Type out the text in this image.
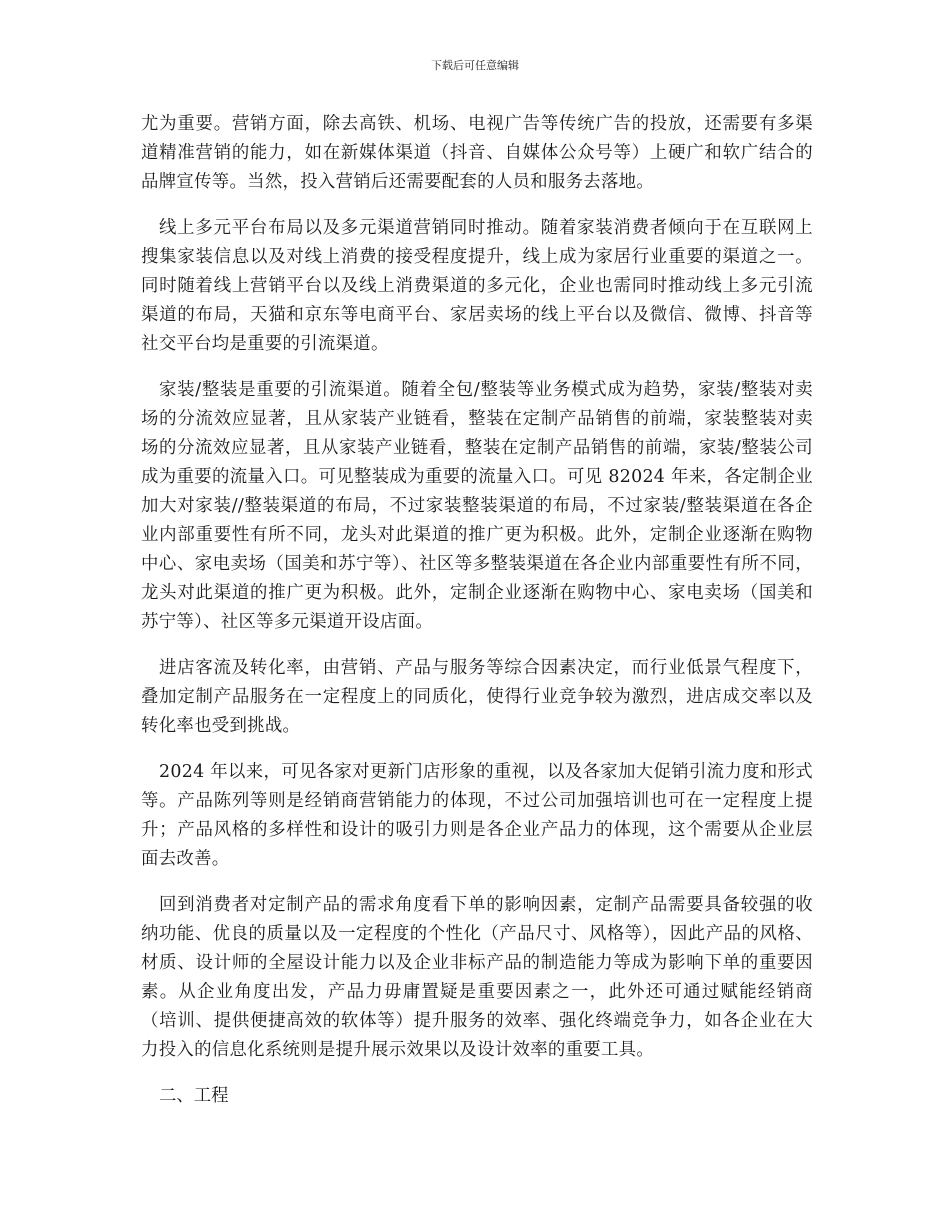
下载后可任意编辑

尤为重要。营销方面，除去高铁、机场、电视广告等传统广告的投放，还需要有多渠道精准营销的能力，如在新媒体渠道（抖音、自媒体公众号等）上硬广和软广结合的品牌宣传等。当然，投入营销后还需要配套的人员和服务去落地。

线上多元平台布局以及多元渠道营销同时推动。随着家装消费者倾向于在互联网上搜集家装信息以及对线上消费的接受程度提升，线上成为家居行业重要的渠道之一。同时随着线上营销平台以及线上消费渠道的多元化，企业也需同时推动线上多元引流渠道的布局，天猫和京东等电商平台、家居卖场的线上平台以及微信、微博、抖音等社交平台均是重要的引流渠道。

家装/整装是重要的引流渠道。随着全包/整装等业务模式成为趋势，家装/整装对卖场的分流效应显著，且从家装产业链看，整装在定制产品销售的前端，家装整装对卖场的分流效应显著，且从家装产业链看，整装在定制产品销售的前端，家装/整装公司成为重要的流量入口。可见整装成为重要的流量入口。可见 82024 年来，各定制企业加大对家装//整装渠道的布局，不过家装整装渠道的布局，不过家装/整装渠道在各企业内部重要性有所不同，龙头对此渠道的推广更为积极。此外，定制企业逐渐在购物中心、家电卖场（国美和苏宁等）、社区等多整装渠道在各企业内部重要性有所不同，龙头对此渠道的推广更为积极。此外，定制企业逐渐在购物中心、家电卖场（国美和苏宁等）、社区等多元渠道开设店面。

进店客流及转化率，由营销、产品与服务等综合因素决定，而行业低景气程度下，叠加定制产品服务在一定程度上的同质化，使得行业竞争较为激烈，进店成交率以及转化率也受到挑战。

2024 年以来，可见各家对更新门店形象的重视，以及各家加大促销引流力度和形式等。产品陈列等则是经销商营销能力的体现，不过公司加强培训也可在一定程度上提升；产品风格的多样性和设计的吸引力则是各企业产品力的体现，这个需要从企业层面去改善。

回到消费者对定制产品的需求角度看下单的影响因素，定制产品需要具备较强的收纳功能、优良的质量以及一定程度的个性化（产品尺寸、风格等），因此产品的风格、材质、设计师的全屋设计能力以及企业非标产品的制造能力等成为影响下单的重要因素。从企业角度出发，产品力毋庸置疑是重要因素之一，此外还可通过赋能经销商（培训、提供便捷高效的软体等）提升服务的效率、强化终端竞争力，如各企业在大力投入的信息化系统则是提升展示效果以及设计效率的重要工具。

二、工程
